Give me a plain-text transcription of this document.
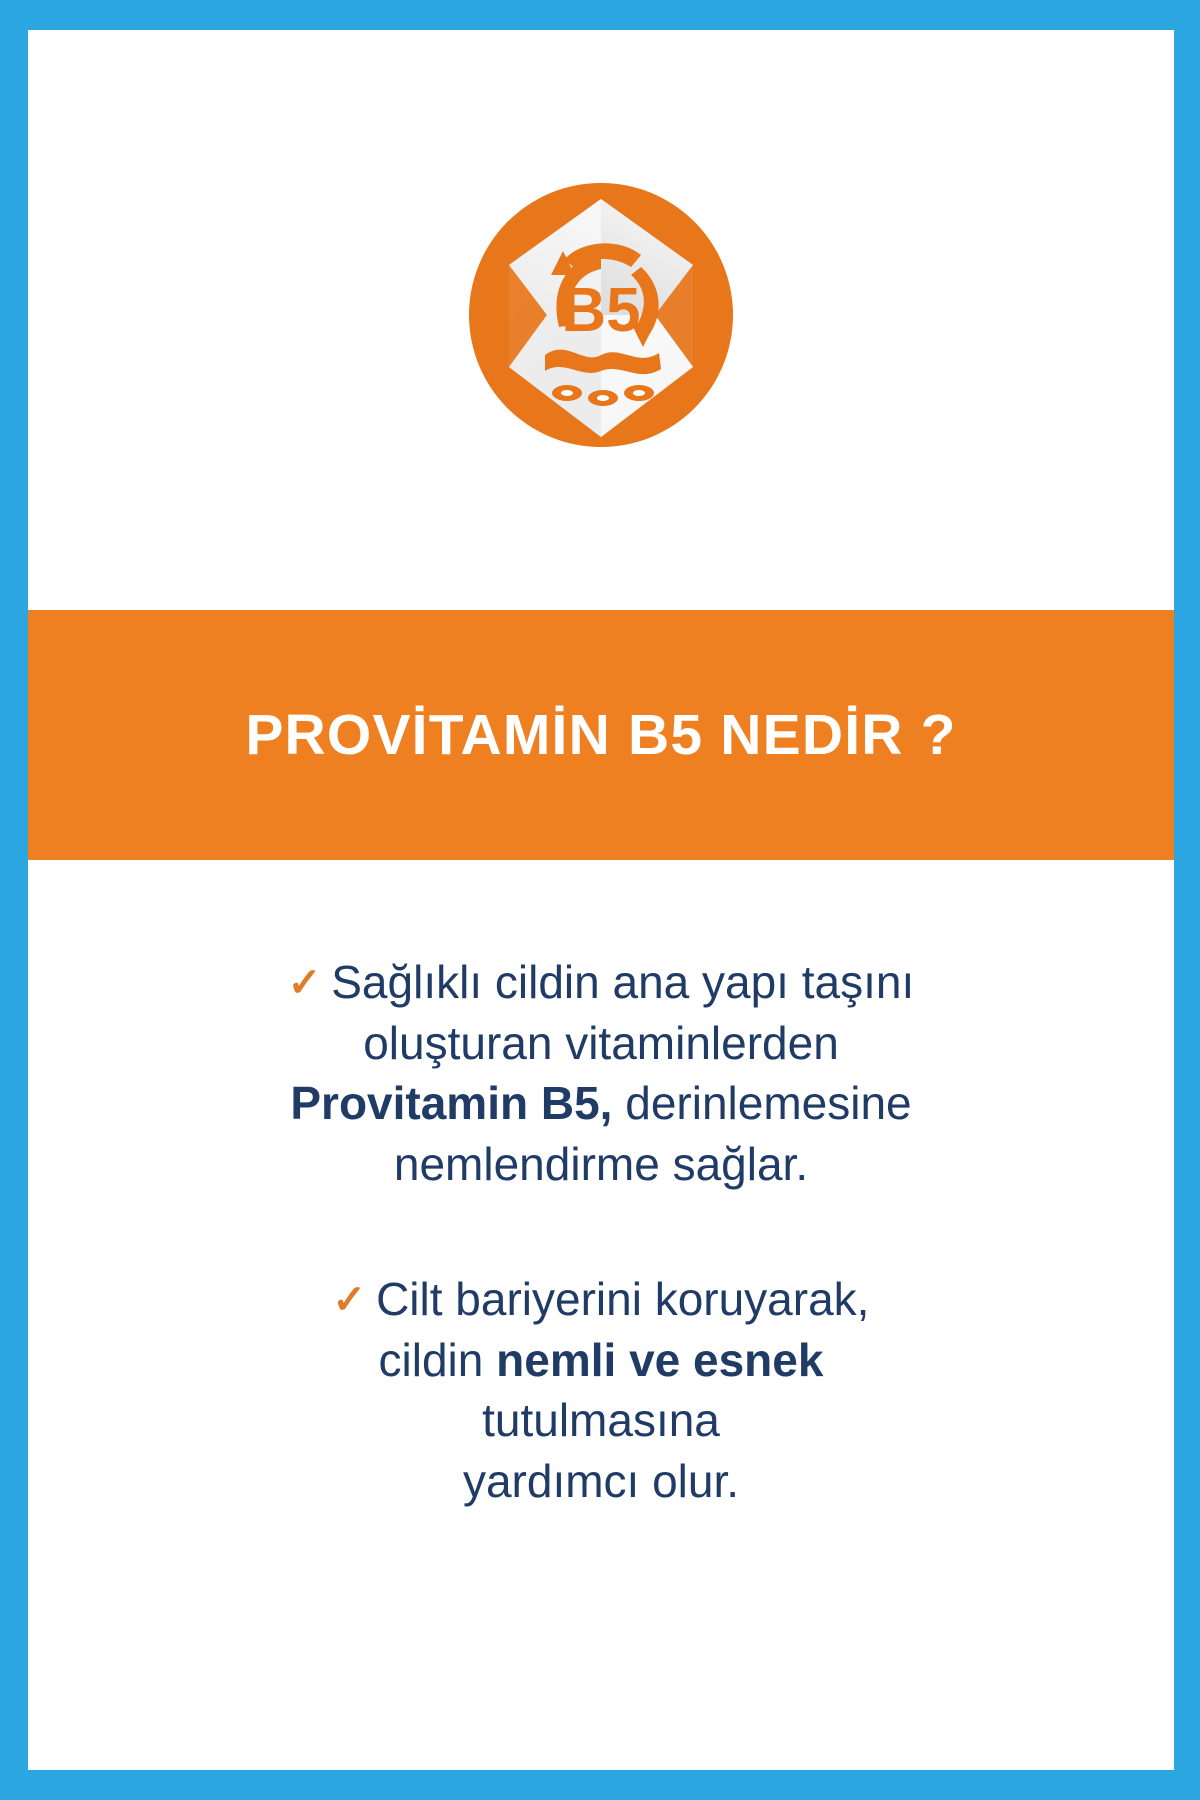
B5
PROVİTAMİN B5 NEDİR ?
✓ Sağlıklı cildin ana yapı taşını
oluşturan vitaminlerden
Provitamin B5, derinlemesine
nemlendirme sağlar.
✓ Cilt bariyerini koruyarak,
cildin nemli ve esnek
tutulmasına
yardımcı olur.
